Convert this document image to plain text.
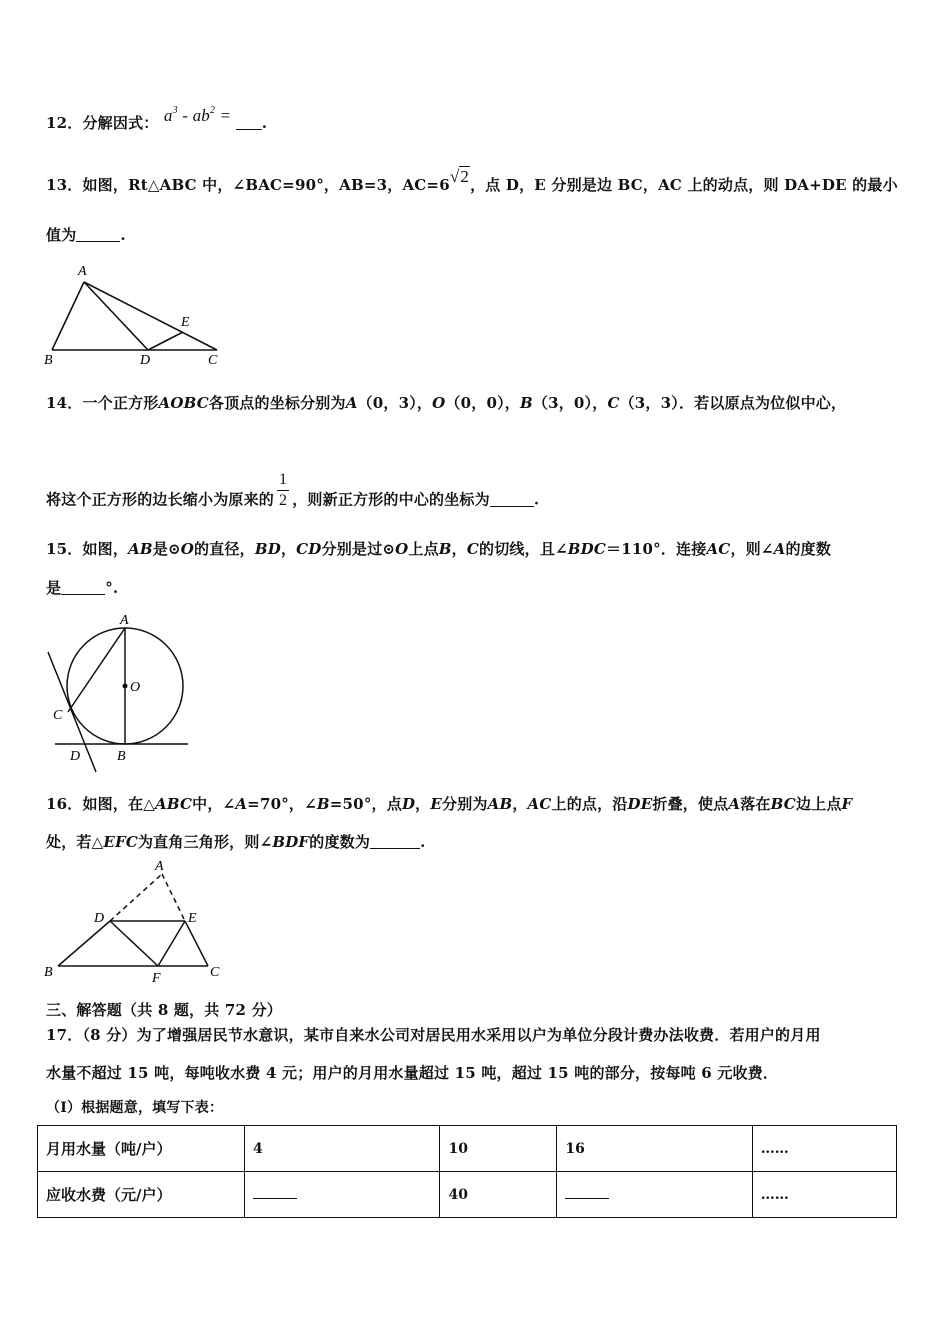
12．分解因式： $a^3 - ab^2$ = .
13．如图，Rt△ABC 中，∠BAC=90°，AB=3，AC=6√2，点 D，E 分别是边 BC，AC 上的动点，则 DA+DE 的最小
值为	.
A
B	D	C
E
14．一个正方形AOBC各顶点的坐标分别为A（0，3），O（0，0），B（3，0），C（3，3）．若以原点为位似中心，
将这个正方形的边长缩小为原来的 $\frac{1}{2}$ ，则新正方形的中心的坐标为	.
15．如图，AB是⊙O的直径，BD，CD分别是过⊙O上点B，C的切线，且∠BDC＝110°．连接AC，则∠A的度数
是	°.
A
O
C
D	B
16．如图，在△ABC中，∠A=70°，∠B=50°，点D，E分别为AB，AC上的点，沿DE折叠，使点A落在BC边上点F
处，若△EFC为直角三角形，则∠BDF的度数为	.
A
D	E
B	F	C
三、解答题（共 8 题，共 72 分）
17．（8 分）为了增强居民节水意识，某市自来水公司对居民用水采用以户为单位分段计费办法收费．若用户的月用
水量不超过 15 吨，每吨收水费 4 元；用户的月用水量超过 15 吨，超过 15 吨的部分，按每吨 6 元收费．
（I）根据题意，填写下表：
月用水量（吨/户）	4	10	16	……
应收水费（元/户）		40		……
